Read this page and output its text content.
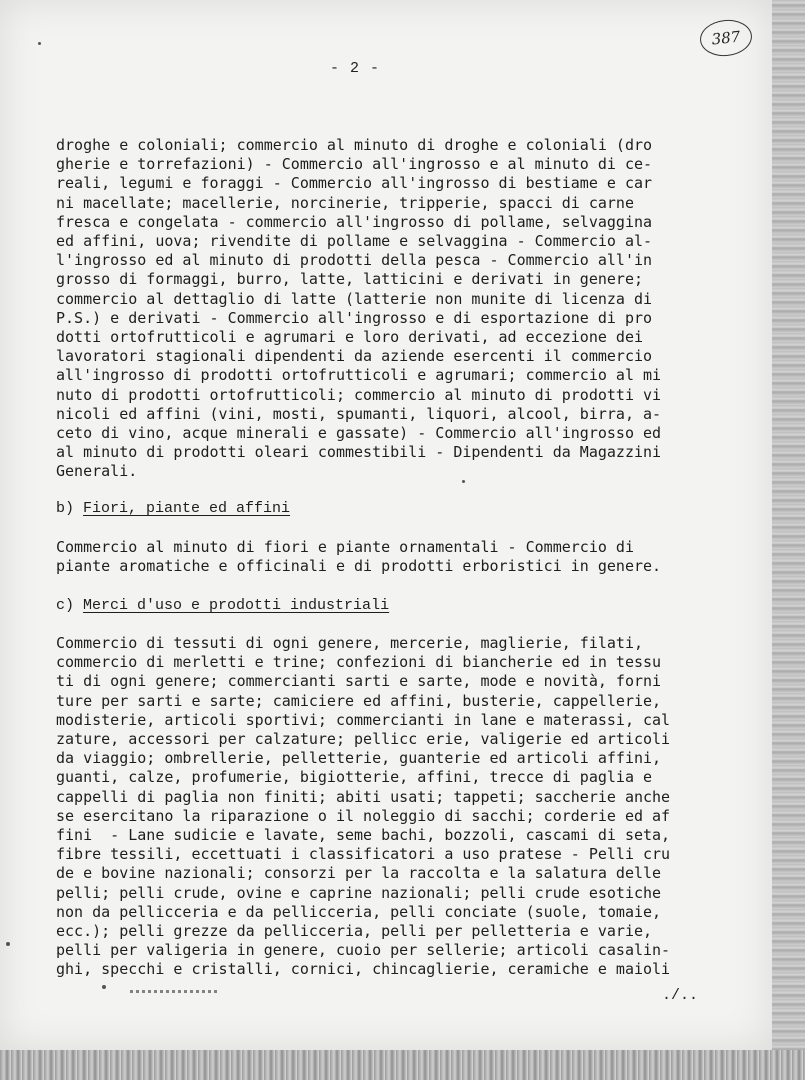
387
- 2 -
droghe e coloniali; commercio al minuto di droghe e coloniali (dro
gherie e torrefazioni) - Commercio all'ingrosso e al minuto di ce-
reali, legumi e foraggi - Commercio all'ingrosso di bestiame e car
ni macellate; macellerie, norcinerie, tripperie, spacci di carne
fresca e congelata - commercio all'ingrosso di pollame, selvaggina
ed affini, uova; rivendite di pollame e selvaggina - Commercio al-
l'ingrosso ed al minuto di prodotti della pesca - Commercio all'in
grosso di formaggi, burro, latte, latticini e derivati in genere;
commercio al dettaglio di latte (latterie non munite di licenza di
P.S.) e derivati - Commercio all'ingrosso e di esportazione di pro
dotti ortofrutticoli e agrumari e loro derivati, ad eccezione dei
lavoratori stagionali dipendenti da aziende esercenti il commercio
all'ingrosso di prodotti ortofrutticoli e agrumari; commercio al mi
nuto di prodotti ortofrutticoli; commercio al minuto di prodotti vi
nicoli ed affini (vini, mosti, spumanti, liquori, alcool, birra, a-
ceto di vino, acque minerali e gassate) - Commercio all'ingrosso ed
al minuto di prodotti oleari commestibili - Dipendenti da Magazzini
Generali.
b) Fiori, piante ed affini
Commercio al minuto di fiori e piante ornamentali - Commercio di
piante aromatiche e officinali e di prodotti erboristici in genere.
c) Merci d'uso e prodotti industriali
Commercio di tessuti di ogni genere, mercerie, maglierie, filati,
commercio di merletti e trine; confezioni di biancherie ed in tessu
ti di ogni genere; commercianti sarti e sarte, mode e novità, forni
ture per sarti e sarte; camiciere ed affini, busterie, cappellerie,
modisterie, articoli sportivi; commercianti in lane e materassi, cal
zature, accessori per calzature; pellicc erie, valigerie ed articoli
da viaggio; ombrellerie, pelletterie, guanterie ed articoli affini,
guanti, calze, profumerie, bigiotterie, affini, trecce di paglia e
cappelli di paglia non finiti; abiti usati; tappeti; saccherie anche
se esercitano la riparazione o il noleggio di sacchi; corderie ed af
fini  - Lane sudicie e lavate, seme bachi, bozzoli, cascami di seta,
fibre tessili, eccettuati i classificatori a uso pratese - Pelli cru
de e bovine nazionali; consorzi per la raccolta e la salatura delle
pelli; pelli crude, ovine e caprine nazionali; pelli crude esotiche
non da pellicceria e da pellicceria, pelli conciate (suole, tomaie,
ecc.); pelli grezze da pellicceria, pelli per pelletteria e varie,
pelli per valigeria in genere, cuoio per sellerie; articoli casalin-
ghi, specchi e cristalli, cornici, chincaglierie, ceramiche e maioli
./..
